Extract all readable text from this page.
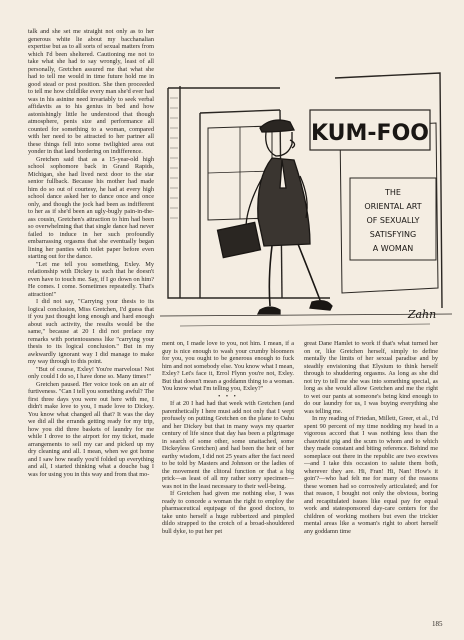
talk and she set me straight not only as to her generous white lie about my bacchanalian expertise but as to all sorts of sexual matters from which I'd been sheltered. Cautioning me not to take what she had to say wrongly, least of all personally, Gretchen assured me that what she had to tell me would in time future hold me in good stead or post position. She then proceeded to tell me how childlike every man she'd ever had was in his asinine need invariably to seek verbal affidavits as to his genius in bed and how astonishingly little he understood that though atmosphere, penis size and performance all counted for something to a woman, compared with her need to be attracted to her partner all these things fell into some twilighted area out yonder in that land bordering on indifference.

Gretchen said that as a 15-year-old high school sophomore back in Grand Rapids, Michigan, she had lived next door to the star senior fullback. Because his mother had made him do so out of courtesy, he had at every high school dance asked her to dance once and once only, and though the jock had been as indifferent to her as if she'd been an ugly-bugly pain-in-the-ass cousin, Gretchen's attraction to him had been so overwhelming that that single dance had never failed to induce in her such profoundly embarrassing orgasms that she eventually began lining her panties with toilet paper before even starting out for the dance.

"Let me tell you something, Exley. My relationship with Dickey is such that he doesn't even have to touch me. Say, if I go down on him? He comes. I come. Sometimes repeatedly. That's attraction!"

I did not say, "Carrying your thesis to its logical conclusion, Miss Gretchen, I'd guess that if you just thought long enough and hard enough about such activity, the results would be the same," because at 20 I did not preface my remarks with portentousness like "carrying your thesis to its logical conclusion." But in my awkwardly ignorant way I did manage to make my way through to this point.

"But of course, Exley! You're marvelous! Not only could I do so, I have done so. Many times!"

Gretchen paused. Her voice took on an air of furtiveness. "Can I tell you something awful? The first three days you were out here with me, I didn't make love to you, I made love to Dickey. You know what changed all that? It was the day we did all the errands getting ready for my trip, how you did three baskets of laundry for me while I drove to the airport for my ticket, made arrangements to sell my car and picked up my dry cleaning and all. I mean, when we got home and I saw how neatly you'd folded up everything and all, I started thinking what a douche bag I was for using you in this way and from that mo-

KUM-FOO
THE
ORIENTAL ART
OF SEXUALLY
SATISFYING
A WOMAN
Zahn

ment on, I made love to you, not him. I mean, if a guy is nice enough to wash your crumby bloomers for you, you ought to be generous enough to fuck him and not somebody else. You know what I mean, Exley? Let's face it, Errol Flynn you're not, Exley. But that doesn't mean a goddamn thing to a woman. You know what I'm telling you, Exley?"

• • •

If at 20 I had had that week with Gretchen (and parenthetically I here must add not only that I wept profusely on putting Gretchen on the plane to Oahu and her Dickey but that in many ways my quarter century of life since that day has been a pilgrimage in search of some other, some unattached, some Dickeyless Gretchen) and had been the heir of her earthy wisdom, I did not 25 years after the fact need to be told by Masters and Johnson or the ladies of the movement the clitoral function or that a big prick—as least of all my rather sorry specimen—was not in the least necessary to their well-being.

If Gretchen had given me nothing else, I was ready to concede a woman the right to employ the pharmaceutical equipage of the good doctors, to take unto herself a huge rubberized and pimpled dildo strapped to the crotch of a broad-shouldered bull dyke, to put her pet

great Dane Hamlet to work if that's what turned her on or, like Gretchen herself, simply to define mentally the limits of her sexual paradise and by steadily envisioning that Elysium to think herself through to shuddering orgasms. As long as she did not try to tell me she was into something special, as long as she would allow Gretchen and me the right to wet our pants at someone's being kind enough to do our laundry for us, I was buying everything she was telling me.

In my reading of Friedan, Millett, Greer, et al., I'd spent 90 percent of my time nodding my head in a vigorous accord that I was nothing less than the chauvinist pig and the scum to whom and to which they made constant and biting reference. Behind me someplace out there in the republic are two exwives—and I take this occasion to salute them both, wherever they are. Hi, Fran! Hi, Nan! How's it goin'?—who had felt me for many of the reasons these women had so corrosively articulated; and for that reason, I bought not only the obvious, boring and recapitulated issues like equal pay for equal work and statesponsored day-care centers for the children of working mothers but even the trickier mental areas like a woman's right to abort herself any goddamn time

185
